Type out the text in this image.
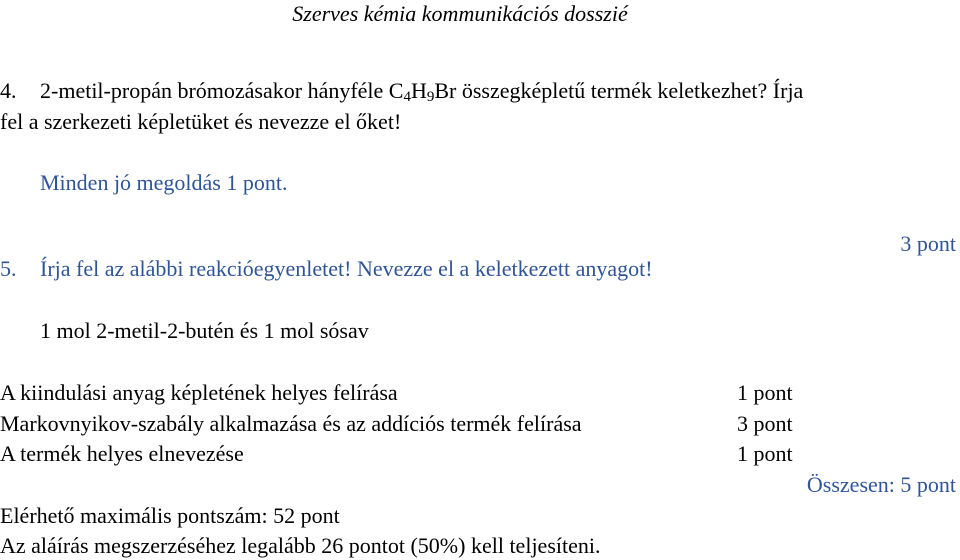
Szerves kémia kommunikációs dosszié
4. 2-metil-propán brómozásakor hányféle $C_4H_9Br$ összegképletű termék keletkezhet? Írja
fel a szerkezeti képletüket és nevezze el őket!
Minden jó megoldás 1 pont.
3 pont
5. Írja fel az alábbi reakcióegyenletet! Nevezze el a keletkezett anyagot!
1 mol 2-metil-2-butén és 1 mol sósav
A kiindulási anyag képletének helyes felírása	1 pont
Markovnyikov-szabály alkalmazása és az addíciós termék felírása	3 pont
A termék helyes elnevezése	1 pont
Összesen: 5 pont
Elérhető maximális pontszám: 52 pont
Az aláírás megszerzéséhez legalább 26 pontot (50%) kell teljesíteni.
